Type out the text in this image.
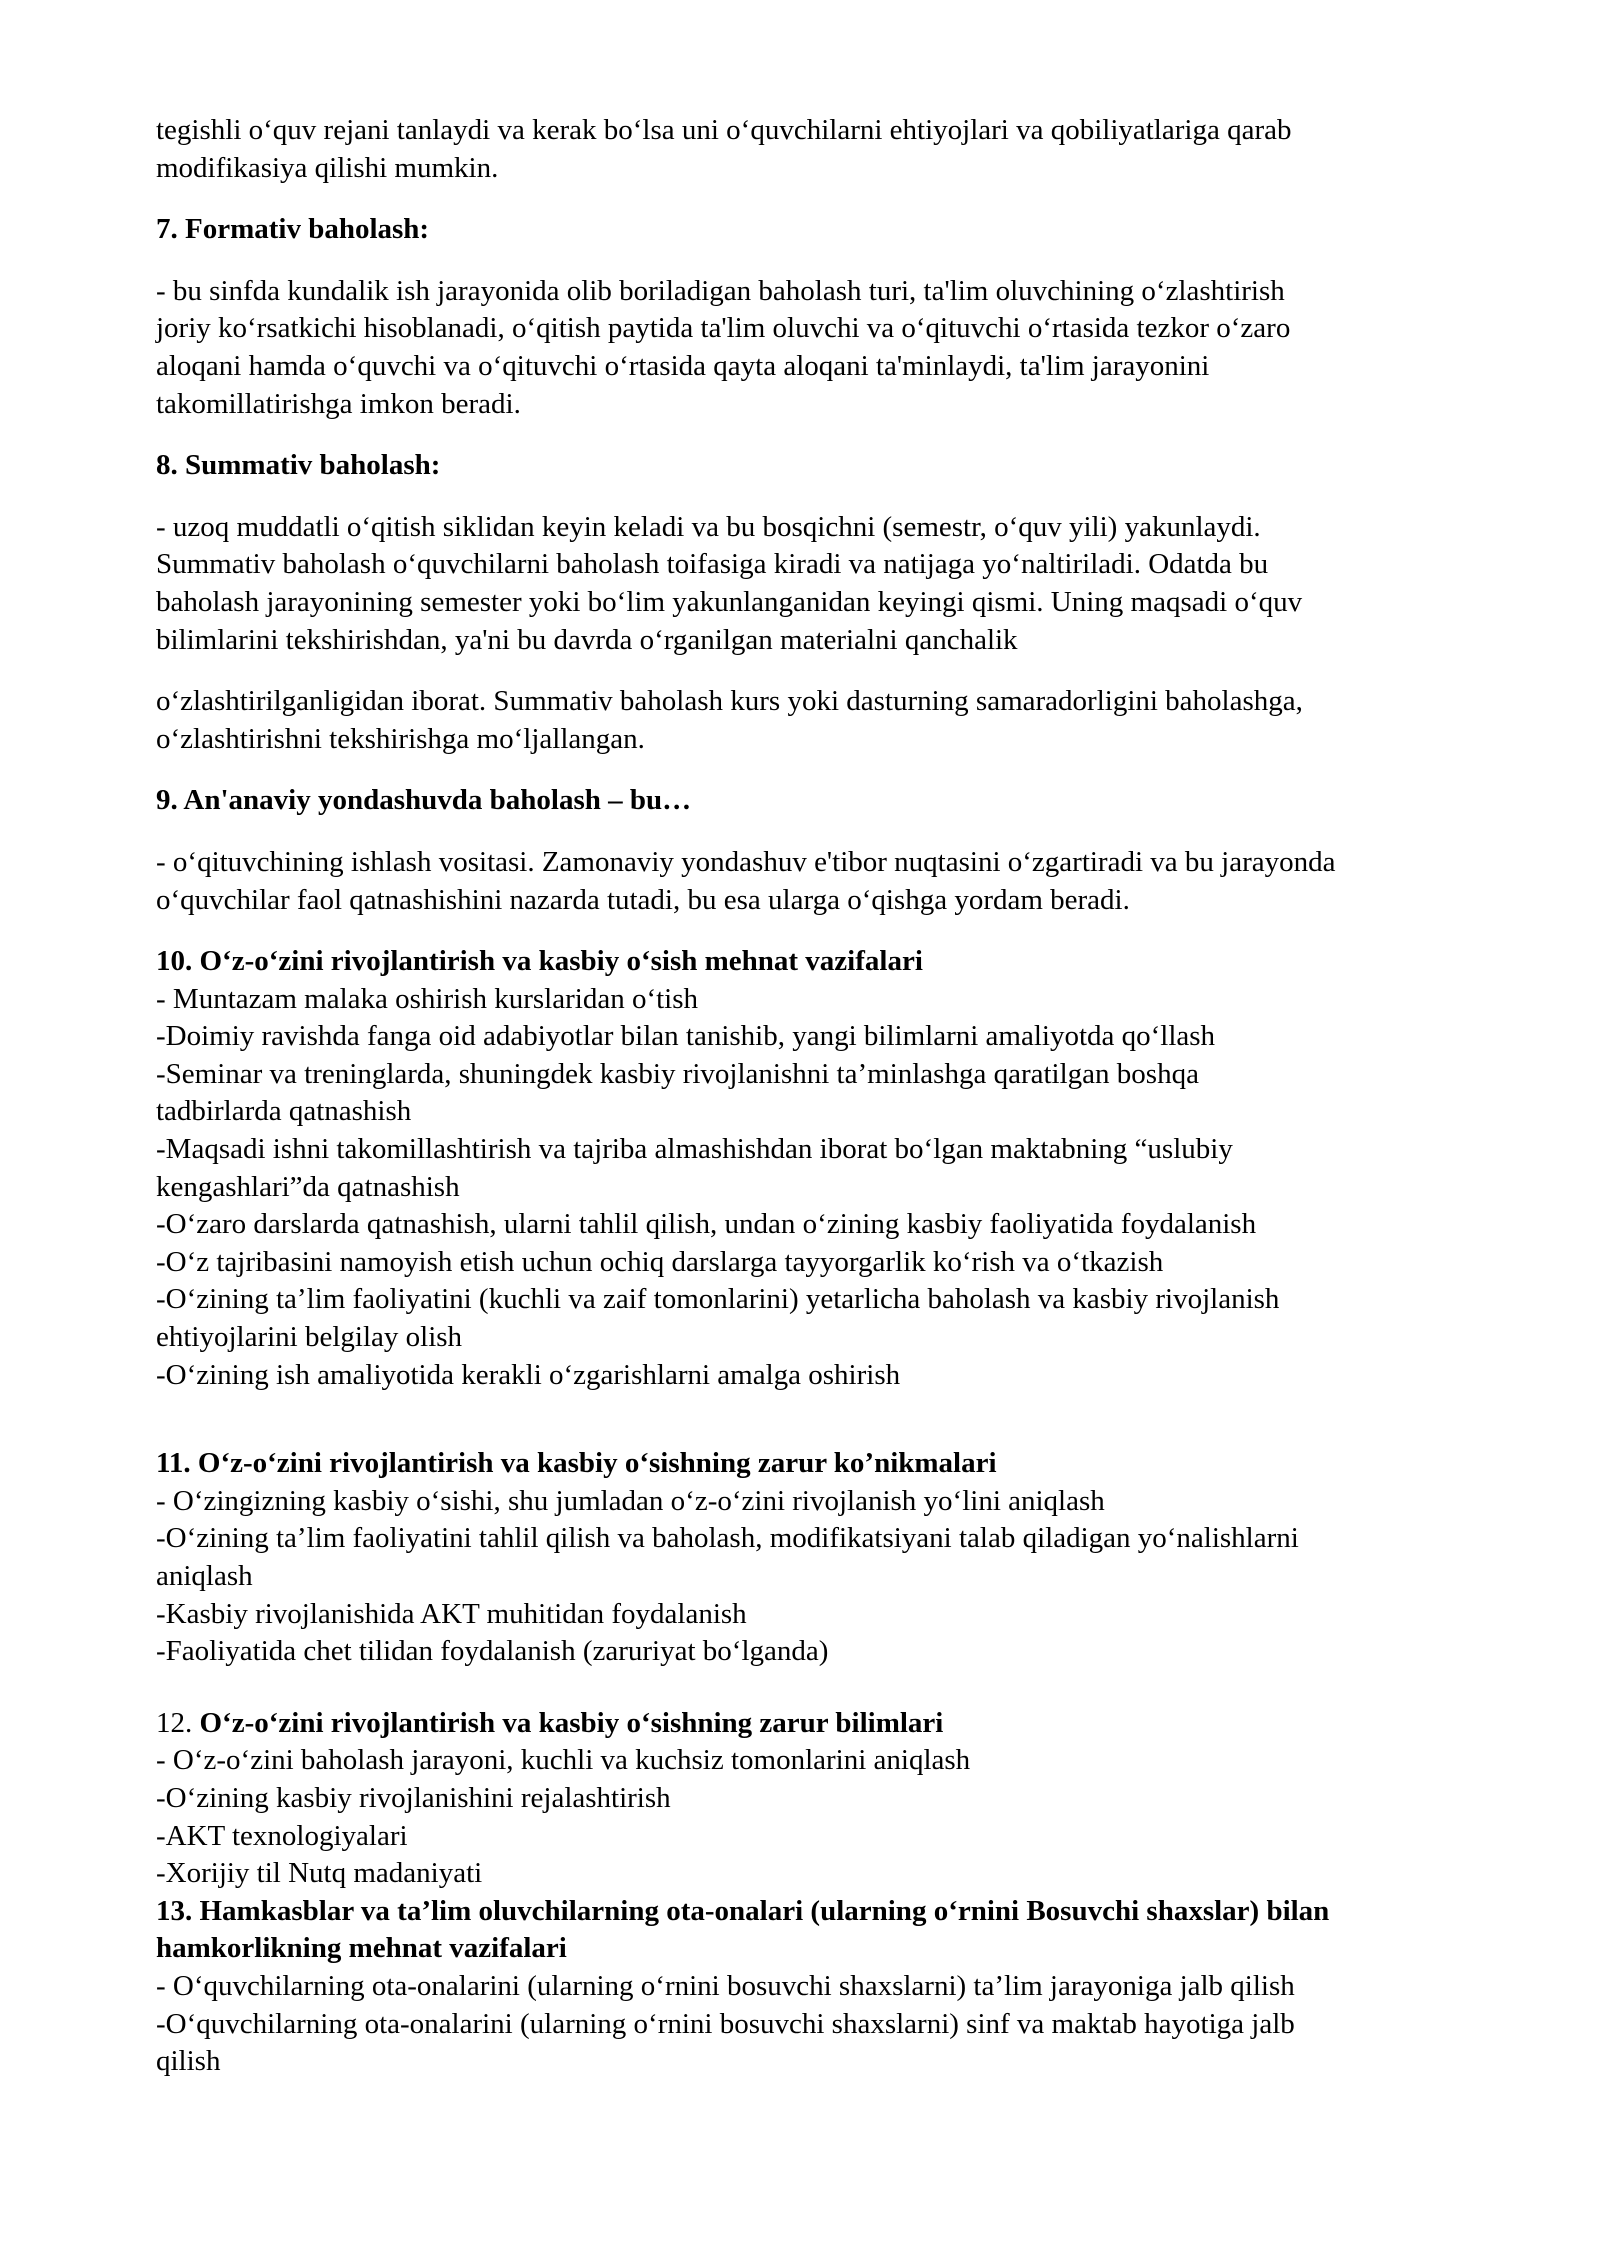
tegishli oʻquv rejani tanlaydi va kerak boʻlsa uni oʻquvchilarni ehtiyojlari va qobiliyatlariga qarab
modifikasiya qilishi mumkin.
7. Formativ baholash:
- bu sinfda kundalik ish jarayonida olib boriladigan baholash turi, ta'lim oluvchining oʻzlashtirish
joriy koʻrsatkichi hisoblanadi, oʻqitish paytida ta'lim oluvchi va oʻqituvchi oʻrtasida tezkor oʻzaro
aloqani hamda oʻquvchi va oʻqituvchi oʻrtasida qayta aloqani ta'minlaydi, ta'lim jarayonini
takomillatirishga imkon beradi.
8. Summativ baholash:
- uzoq muddatli oʻqitish siklidan keyin keladi va bu bosqichni (semestr, oʻquv yili) yakunlaydi.
Summativ baholash oʻquvchilarni baholash toifasiga kiradi va natijaga yoʻnaltiriladi. Odatda bu
baholash jarayonining semester yoki boʻlim yakunlanganidan keyingi qismi. Uning maqsadi oʻquv
bilimlarini tekshirishdan, ya'ni bu davrda oʻrganilgan materialni qanchalik
oʻzlashtirilganligidan iborat. Summativ baholash kurs yoki dasturning samaradorligini baholashga,
oʻzlashtirishni tekshirishga moʻljallangan.
9. An'anaviy yondashuvda baholash – bu…
- oʻqituvchining ishlash vositasi. Zamonaviy yondashuv e'tibor nuqtasini oʻzgartiradi va bu jarayonda
oʻquvchilar faol qatnashishini nazarda tutadi, bu esa ularga oʻqishga yordam beradi.
10. Oʻz-oʻzini rivojlantirish va kasbiy oʻsish mehnat vazifalari
- Muntazam malaka oshirish kurslaridan oʻtish
-Doimiy ravishda fanga oid adabiyotlar bilan tanishib, yangi bilimlarni amaliyotda qoʻllash
-Seminar va treninglarda, shuningdek kasbiy rivojlanishni ta’minlashga qaratilgan boshqa
tadbirlarda qatnashish
-Maqsadi ishni takomillashtirish va tajriba almashishdan iborat boʻlgan maktabning “uslubiy
kengashlari”da qatnashish
-Oʻzaro darslarda qatnashish, ularni tahlil qilish, undan oʻzining kasbiy faoliyatida foydalanish
-Oʻz tajribasini namoyish etish uchun ochiq darslarga tayyorgarlik koʻrish va oʻtkazish
-Oʻzining ta’lim faoliyatini (kuchli va zaif tomonlarini) yetarlicha baholash va kasbiy rivojlanish
ehtiyojlarini belgilay olish
-Oʻzining ish amaliyotida kerakli oʻzgarishlarni amalga oshirish
11. Oʻz-oʻzini rivojlantirish va kasbiy oʻsishning zarur ko’nikmalari
- Oʻzingizning kasbiy oʻsishi, shu jumladan oʻz-oʻzini rivojlanish yoʻlini aniqlash
-Oʻzining ta’lim faoliyatini tahlil qilish va baholash, modifikatsiyani talab qiladigan yoʻnalishlarni
aniqlash
-Kasbiy rivojlanishida AKT muhitidan foydalanish
-Faoliyatida chet tilidan foydalanish (zaruriyat boʻlganda)
12. Oʻz-oʻzini rivojlantirish va kasbiy oʻsishning zarur bilimlari
- Oʻz-oʻzini baholash jarayoni, kuchli va kuchsiz tomonlarini aniqlash
-Oʻzining kasbiy rivojlanishini rejalashtirish
-AKT texnologiyalari
-Xorijiy til Nutq madaniyati
13. Hamkasblar va ta’lim oluvchilarning ota-onalari (ularning oʻrnini Bosuvchi shaxslar) bilan
hamkorlikning mehnat vazifalari
- Oʻquvchilarning ota-onalarini (ularning oʻrnini bosuvchi shaxslarni) ta’lim jarayoniga jalb qilish
-Oʻquvchilarning ota-onalarini (ularning oʻrnini bosuvchi shaxslarni) sinf va maktab hayotiga jalb
qilish
